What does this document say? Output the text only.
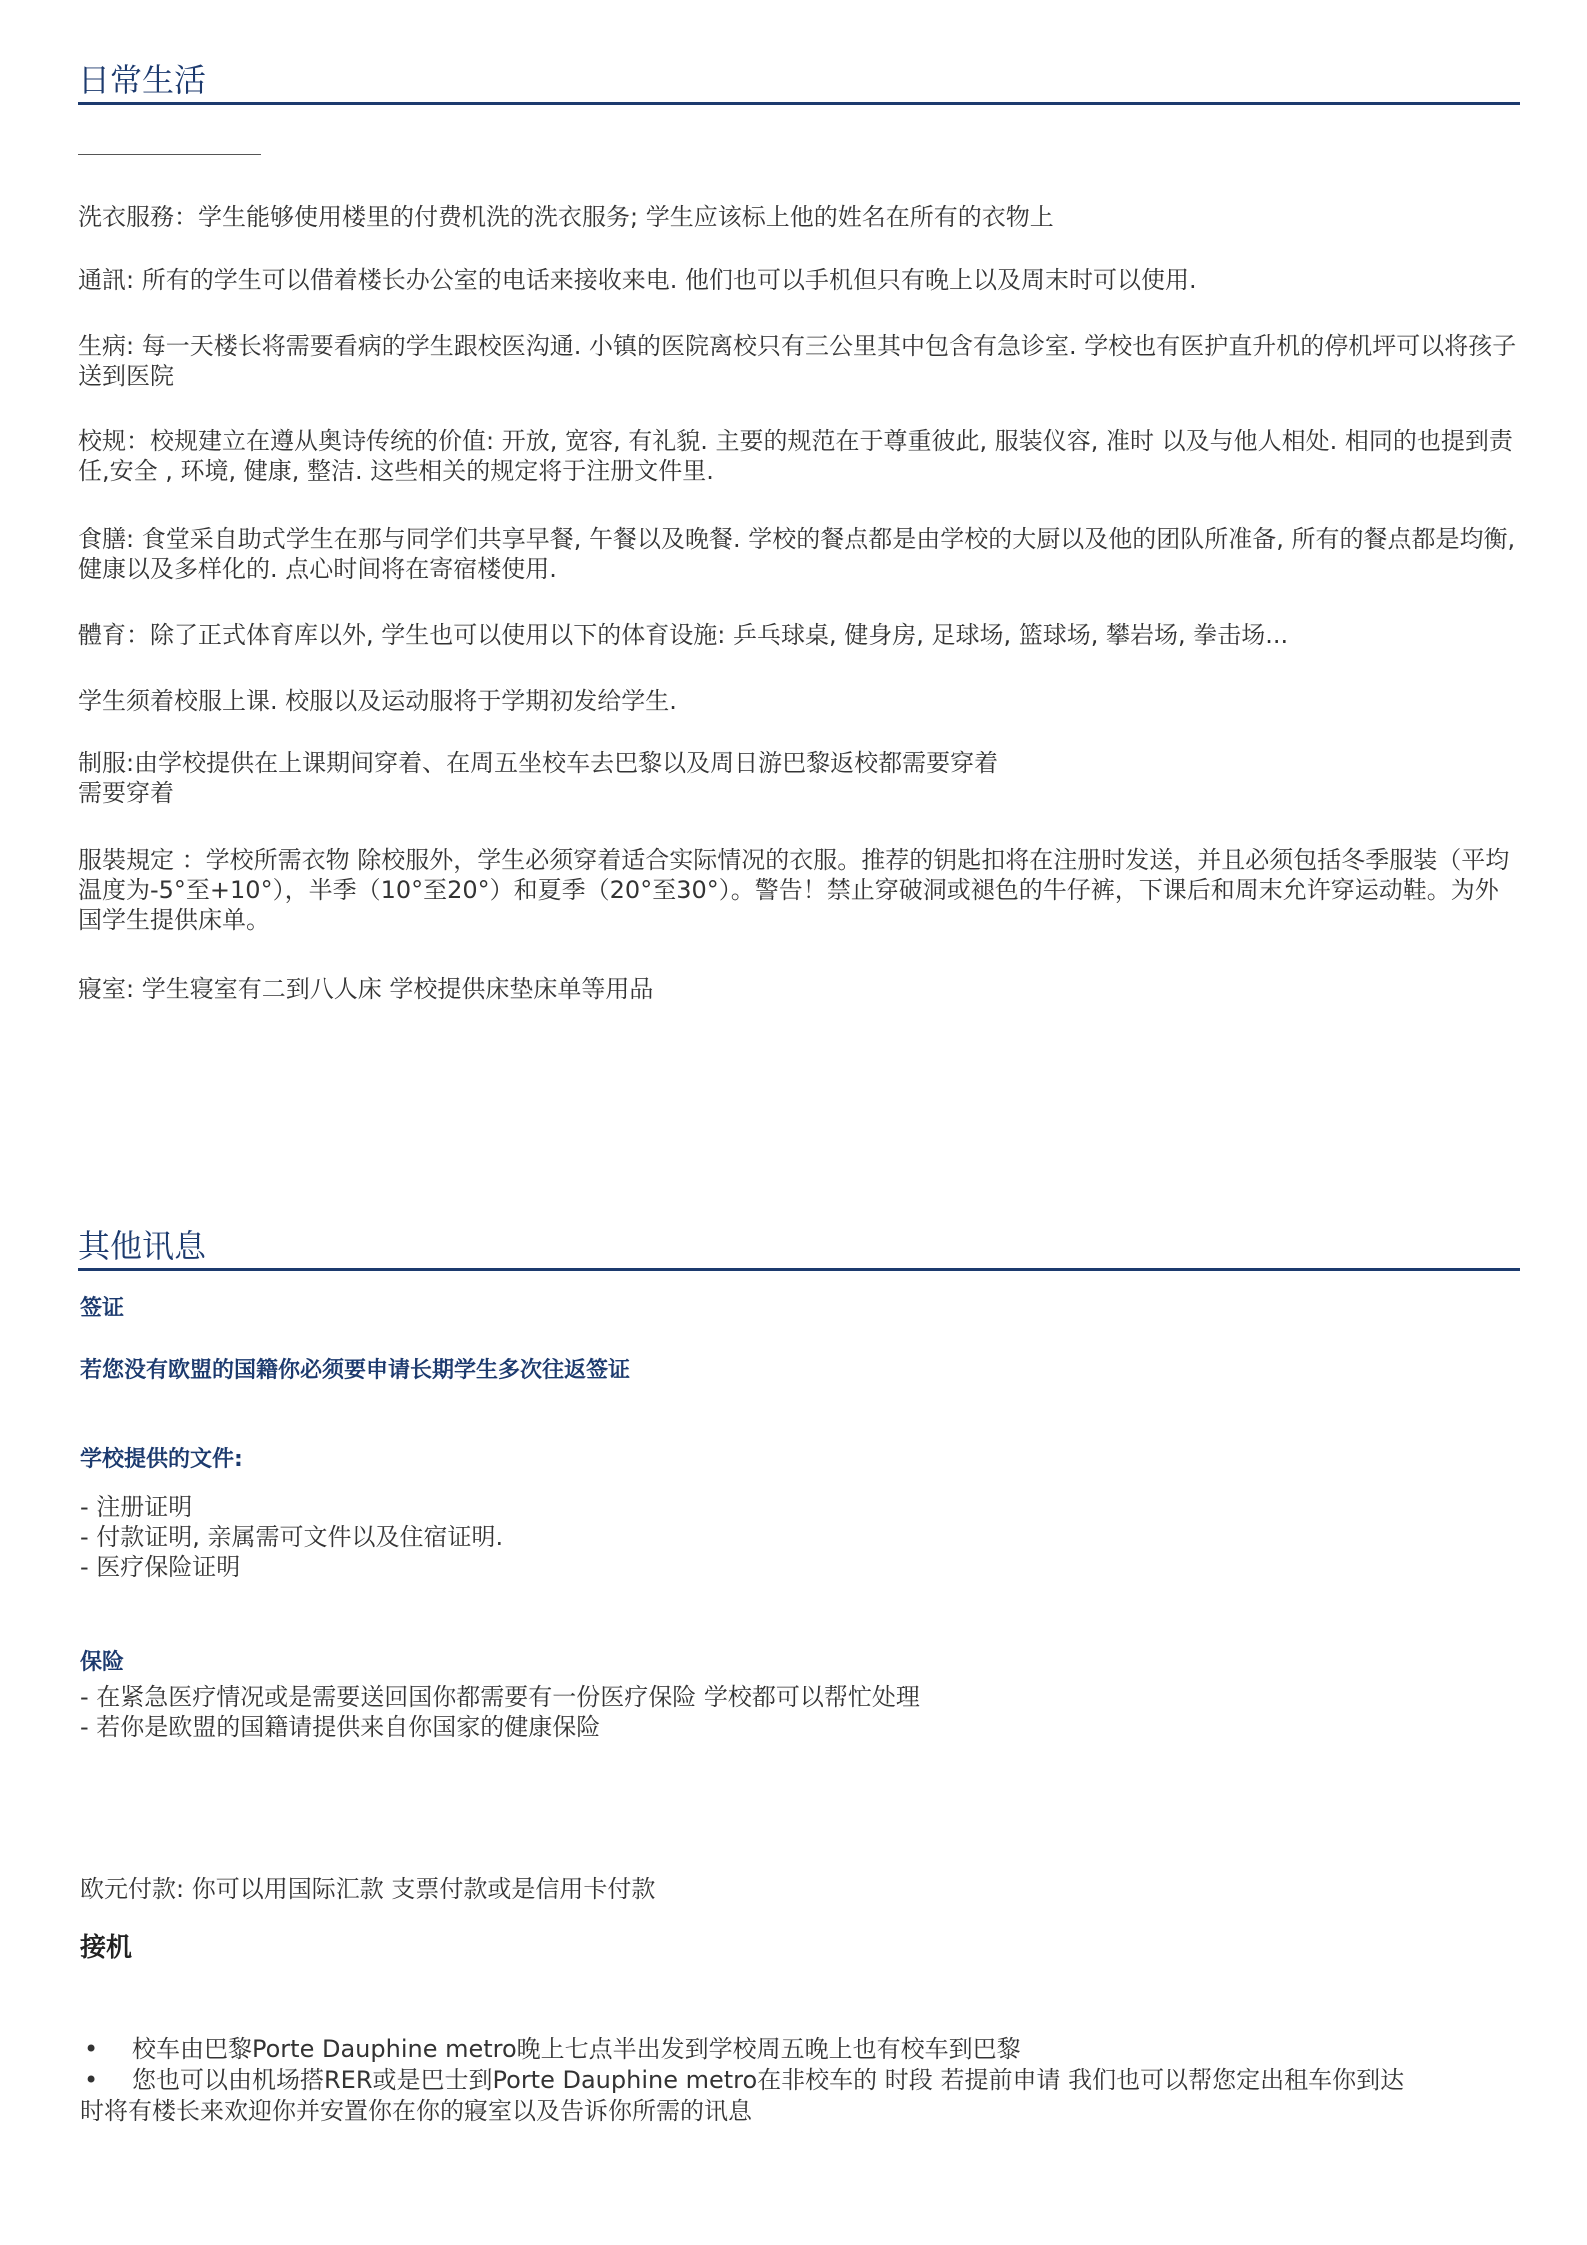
日常生活

洗衣服務：学生能够使用楼里的付费机洗的洗衣服务; 学生应该标上他的姓名在所有的衣物上

通訊: 所有的学生可以借着楼长办公室的电话来接收来电. 他们也可以手机但只有晚上以及周末时可以使用.

生病: 每一天楼长将需要看病的学生跟校医沟通. 小镇的医院离校只有三公里其中包含有急诊室. 学校也有医护直升机的停机坪可以将孩子送到医院

校规：校规建立在遵从奥诗传统的价值: 开放, 宽容, 有礼貌. 主要的规范在于尊重彼此, 服装仪容, 准时 以及与他人相处. 相同的也提到责任,安全 , 环境, 健康, 整洁. 这些相关的规定将于注册文件里.

食膳: 食堂采自助式学生在那与同学们共享早餐, 午餐以及晚餐. 学校的餐点都是由学校的大厨以及他的团队所准备, 所有的餐点都是均衡, 健康以及多样化的. 点心时间将在寄宿楼使用.

體育：除了正式体育库以外, 学生也可以使用以下的体育设施: 乒乓球桌, 健身房, 足球场, 篮球场, 攀岩场, 拳击场...

学生须着校服上课. 校服以及运动服将于学期初发给学生.

制服:由学校提供在上课期间穿着、在周五坐校车去巴黎以及周日游巴黎返校都需要穿着
需要穿着

服裝規定 ：学校所需衣物 除校服外，学生必须穿着适合实际情况的衣服。推荐的钥匙扣将在注册时发送，并且必须包括冬季服装（平均温度为-5°至+10°），半季（10°至20°）和夏季（20°至30°）。警告！禁止穿破洞或褪色的牛仔裤，下课后和周末允许穿运动鞋。为外国学生提供床单。

寢室: 学生寝室有二到八人床 学校提供床垫床单等用品

其他讯息

签证

若您没有欧盟的国籍你必须要申请长期学生多次往返签证

学校提供的文件:

- 注册证明
- 付款证明, 亲属需可文件以及住宿证明.
- 医疗保险证明

保险

- 在紧急医疗情况或是需要送回国你都需要有一份医疗保险 学校都可以帮忙处理
- 若你是欧盟的国籍请提供来自你国家的健康保险

欧元付款: 你可以用国际汇款 支票付款或是信用卡付款

接机

• 校车由巴黎Porte Dauphine metro晚上七点半出发到学校周五晚上也有校车到巴黎
• 您也可以由机场搭RER或是巴士到Porte Dauphine metro在非校车的 时段 若提前申请 我们也可以帮您定出租车你到达
时将有楼长来欢迎你并安置你在你的寢室以及告诉你所需的讯息
